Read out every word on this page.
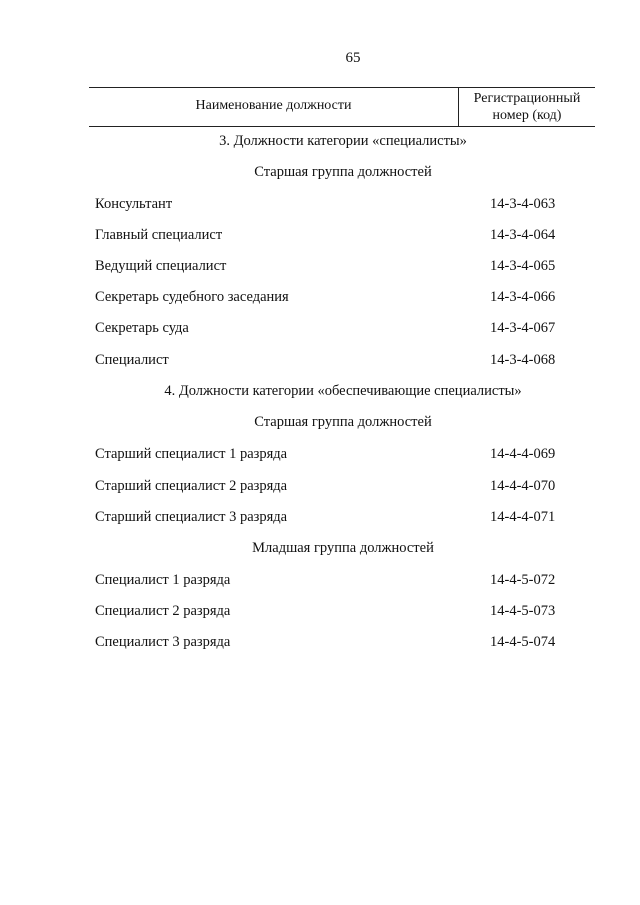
65
Наименование должности	Регистрационный
номер (код)
3. Должности категории «специалисты»
Старшая группа должностей
Консультант	14-3-4-063
Главный специалист	14-3-4-064
Ведущий специалист	14-3-4-065
Секретарь судебного заседания	14-3-4-066
Секретарь суда	14-3-4-067
Специалист	14-3-4-068
4. Должности категории «обеспечивающие специалисты»
Старшая группа должностей
Старший специалист 1 разряда	14-4-4-069
Старший специалист 2 разряда	14-4-4-070
Старший специалист 3 разряда	14-4-4-071
Младшая группа должностей
Специалист 1 разряда	14-4-5-072
Специалист 2 разряда	14-4-5-073
Специалист 3 разряда	14-4-5-074
